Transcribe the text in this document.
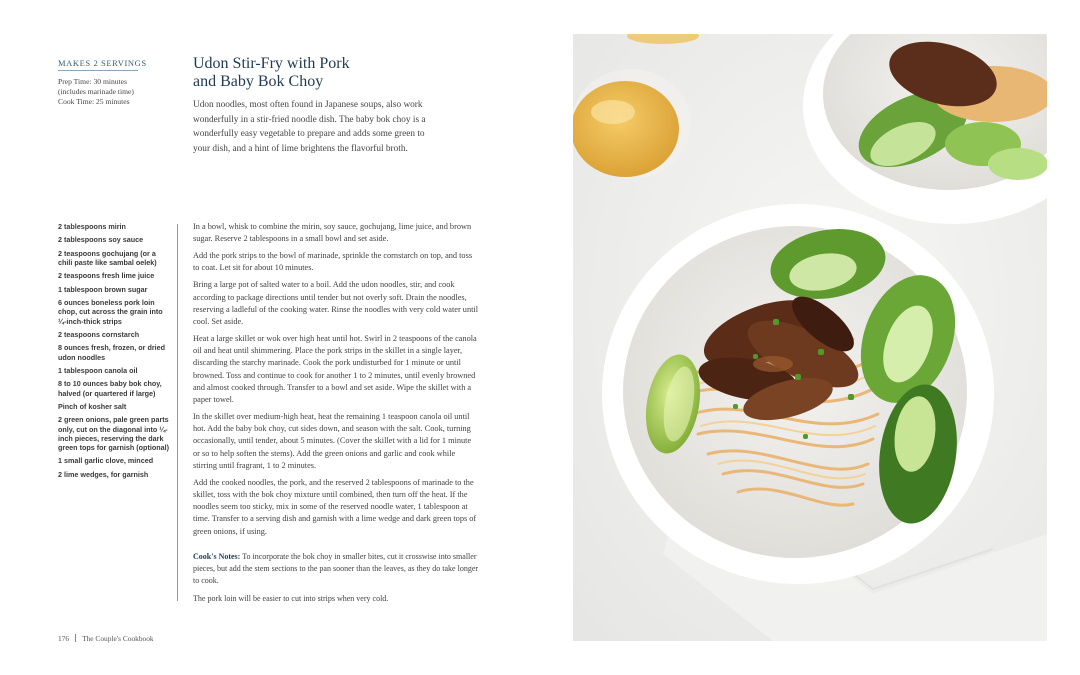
MAKES 2 SERVINGS
Prep Time: 30 minutes
(includes marinade time)
Cook Time: 25 minutes
Udon Stir-Fry with Pork
and Baby Bok Choy
Udon noodles, most often found in Japanese soups, also work wonderfully in a stir-fried noodle dish. The baby bok choy is a wonderfully easy vegetable to prepare and adds some green to your dish, and a hint of lime brightens the flavorful broth.
2 tablespoons mirin
2 tablespoons soy sauce
2 teaspoons gochujang (or a chili paste like sambal oelek)
2 teaspoons fresh lime juice
1 tablespoon brown sugar
6 ounces boneless pork loin chop, cut across the grain into ¼-inch-thick strips
2 teaspoons cornstarch
8 ounces fresh, frozen, or dried udon noodles
1 tablespoon canola oil
8 to 10 ounces baby bok choy, halved (or quartered if large)
Pinch of kosher salt
2 green onions, pale green parts only, cut on the diagonal into ¼-inch pieces, reserving the dark green tops for garnish (optional)
1 small garlic clove, minced
2 lime wedges, for garnish

In a bowl, whisk to combine the mirin, soy sauce, gochujang, lime juice, and brown sugar. Reserve 2 tablespoons in a small bowl and set aside.

Add the pork strips to the bowl of marinade, sprinkle the cornstarch on top, and toss to coat. Let sit for about 10 minutes.

Bring a large pot of salted water to a boil. Add the udon noodles, stir, and cook according to package directions until tender but not overly soft. Drain the noodles, reserving a ladleful of the cooking water. Rinse the noodles with very cold water until cool. Set aside.

Heat a large skillet or wok over high heat until hot. Swirl in 2 teaspoons of the canola oil and heat until shimmering. Place the pork strips in the skillet in a single layer, discarding the starchy marinade. Cook the pork undisturbed for 1 minute or until browned. Toss and continue to cook for another 1 to 2 minutes, until evenly browned and almost cooked through. Transfer to a bowl and set aside. Wipe the skillet with a paper towel.

In the skillet over medium-high heat, heat the remaining 1 teaspoon canola oil until hot. Add the baby bok choy, cut sides down, and season with the salt. Cook, turning occasionally, until tender, about 5 minutes. (Cover the skillet with a lid for 1 minute or so to help soften the stems). Add the green onions and garlic and cook while stirring until fragrant, 1 to 2 minutes.

Add the cooked noodles, the pork, and the reserved 2 tablespoons of marinade to the skillet, toss with the bok choy mixture until combined, then turn off the heat. If the noodles seem too sticky, mix in some of the reserved noodle water, 1 tablespoon at time. Transfer to a serving dish and garnish with a lime wedge and dark green tops of green onions, if using.

Cook's Notes: To incorporate the bok choy in smaller bites, cut it crosswise into smaller pieces, but add the stem sections to the pan sooner than the leaves, as they do take longer to cook.

The pork loin will be easier to cut into strips when very cold.

176 The Couple's Cookbook
